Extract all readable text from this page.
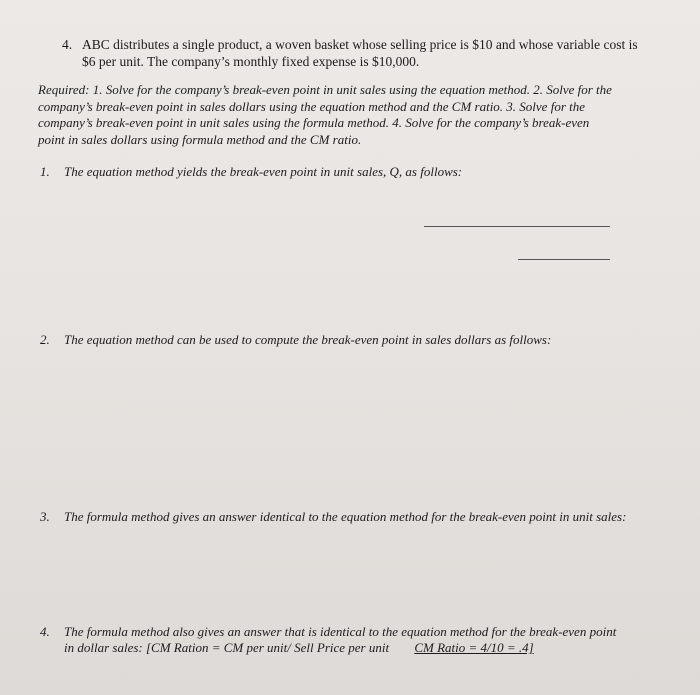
4. ABC distributes a single product, a woven basket whose selling price is $10 and whose variable cost is
$6 per unit. The company’s monthly fixed expense is $10,000.
Required: 1. Solve for the company’s break-even point in unit sales using the equation method. 2. Solve for the
company’s break-even point in sales dollars using the equation method and the CM ratio. 3. Solve for the
company’s break-even point in unit sales using the formula method. 4. Solve for the company’s break-even
point in sales dollars using formula method and the CM ratio.
1. The equation method yields the break-even point in unit sales, Q, as follows:
2. The equation method can be used to compute the break-even point in sales dollars as follows:
3. The formula method gives an answer identical to the equation method for the break-even point in unit sales:
4. The formula method also gives an answer that is identical to the equation method for the break-even point
in dollar sales: [CM Ration = CM per unit/ Sell Price per unit CM Ratio = 4/10 = .4]
